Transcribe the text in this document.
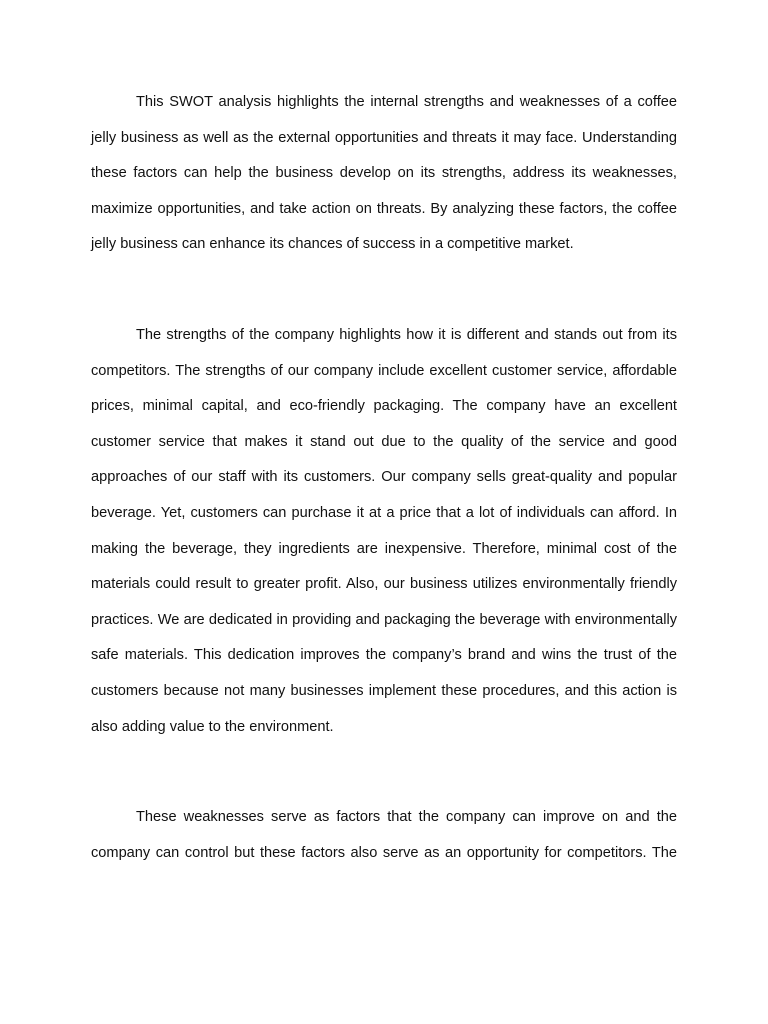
This SWOT analysis highlights the internal strengths and weaknesses of a coffee jelly business as well as the external opportunities and threats it may face. Understanding these factors can help the business develop on its strengths, address its weaknesses, maximize opportunities, and take action on threats. By analyzing these factors, the coffee jelly business can enhance its chances of success in a competitive market.

The strengths of the company highlights how it is different and stands out from its competitors. The strengths of our company include excellent customer service, affordable prices, minimal capital, and eco-friendly packaging. The company have an excellent customer service that makes it stand out due to the quality of the service and good approaches of our staff with its customers. Our company sells great-quality and popular beverage. Yet, customers can purchase it at a price that a lot of individuals can afford. In making the beverage, they ingredients are inexpensive. Therefore, minimal cost of the materials could result to greater profit. Also, our business utilizes environmentally friendly practices. We are dedicated in providing and packaging the beverage with environmentally safe materials. This dedication improves the company’s brand and wins the trust of the customers because not many businesses implement these procedures, and this action is also adding value to the environment.

These weaknesses serve as factors that the company can improve on and the company can control but these factors also serve as an opportunity for competitors. The
